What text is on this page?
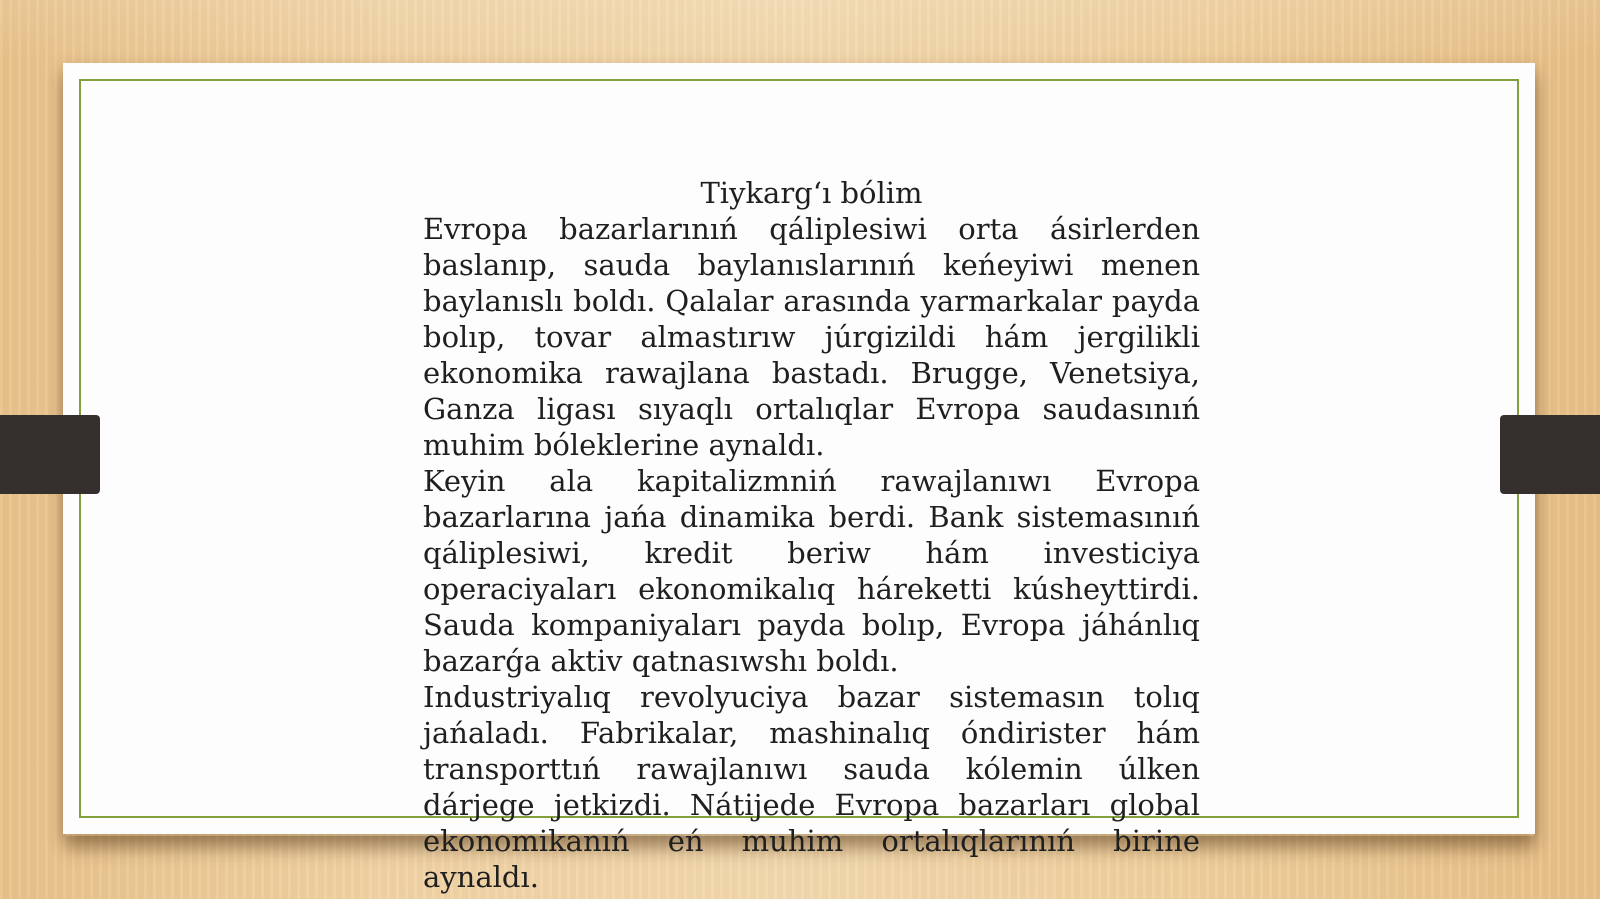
Tiykarg‘ı bólim

Evropa bazarlarınıń qáliplesiwi orta ásirlerden baslanıp, sauda baylanıslarınıń keńeyiwi menen baylanıslı boldı. Qalalar arasında yarmarkalar payda bolıp, tovar almastırıw júrgizildi hám jergilikli ekonomika rawajlana bastadı. Brugge, Venetsiya, Ganza ligası sıyaqlı ortalıqlar Evropa saudasınıń muhim bóleklerine aynaldı.

Keyin ala kapitalizmniń rawajlanıwı Evropa bazarlarına jańa dinamika berdi. Bank sistemasınıń qáliplesiwi, kredit beriw hám investiciya operaciyaları ekonomikalıq háreketti kúsheyttirdi. Sauda kompaniyaları payda bolıp, Evropa jáhánlıq bazarǵa aktiv qatnasıwshı boldı.

Industriyalıq revolyuciya bazar sistemasın tolıq jańaladı. Fabrikalar, mashinalıq óndirister hám transporttıń rawajlanıwı sauda kólemin úlken dárjege jetkizdi. Nátijede Evropa bazarları global ekonomikanıń eń muhim ortalıqlarınıń birine aynaldı.
